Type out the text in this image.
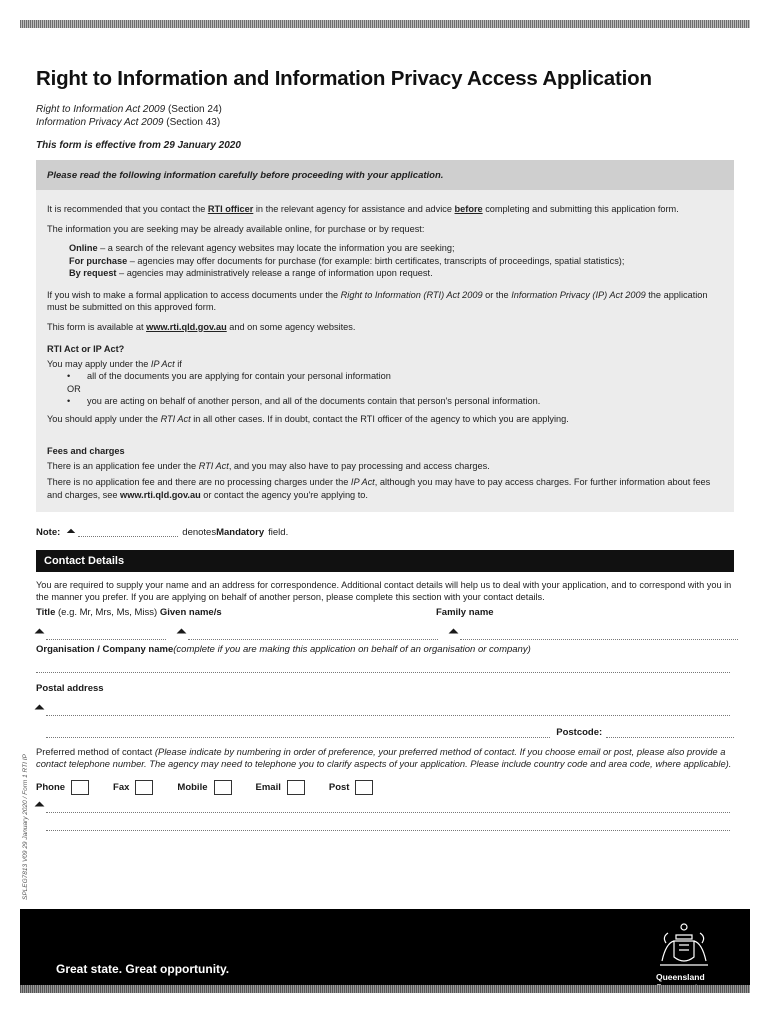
SPLEG7813 V09 29 January 2020 / Form 1 RTI IP
Right to Information and Information Privacy Access Application
Right to Information Act 2009 (Section 24)
Information Privacy Act 2009 (Section 43)
This form is effective from 29 January 2020
Please read the following information carefully before proceeding with your application.

It is recommended that you contact the RTI officer in the relevant agency for assistance and advice before completing and submitting this application form.

The information you are seeking may be already available online, for purchase or by request:

Online – a search of the relevant agency websites may locate the information you are seeking;
For purchase – agencies may offer documents for purchase (for example: birth certificates, transcripts of proceedings, spatial statistics);
By request – agencies may administratively release a range of information upon request.

If you wish to make a formal application to access documents under the Right to Information (RTI) Act 2009 or the Information Privacy (IP) Act 2009 the application must be submitted on this approved form.

This form is available at www.rti.qld.gov.au and on some agency websites.

RTI Act or IP Act?
You may apply under the IP Act if
• all of the documents you are applying for contain your personal information
OR
• you are acting on behalf of another person, and all of the documents contain that person's personal information.
You should apply under the RTI Act in all other cases. If in doubt, contact the RTI officer of the agency to which you are applying.
Fees and charges
There is an application fee under the RTI Act, and you may also have to pay processing and access charges.
There is no application fee and there are no processing charges under the IP Act, although you may have to pay access charges. For further information about fees and charges, see www.rti.qld.gov.au or contact the agency you're applying to.
Note:	denotes Mandatory field.
Contact Details
You are required to supply your name and an address for correspondence. Additional contact details will help us to deal with your application, and to correspond with you in the manner you prefer. If you are applying on behalf of another person, please complete this section with your contact details.
Title (e.g. Mr, Mrs, Ms, Miss) Given name/s	Family name
Organisation / Company name (complete if you are making this application on behalf of an organisation or company)
Postal address
Postcode:
Preferred method of contact (Please indicate by numbering in order of preference, your preferred method of contact. If you choose email or post, please also provide a contact telephone number. The agency may need to telephone you to clarify aspects of your application. Please include country code and area code, where applicable).
Phone	Fax	Mobile	Email	Post
Great state. Great opportunity.
Queensland
